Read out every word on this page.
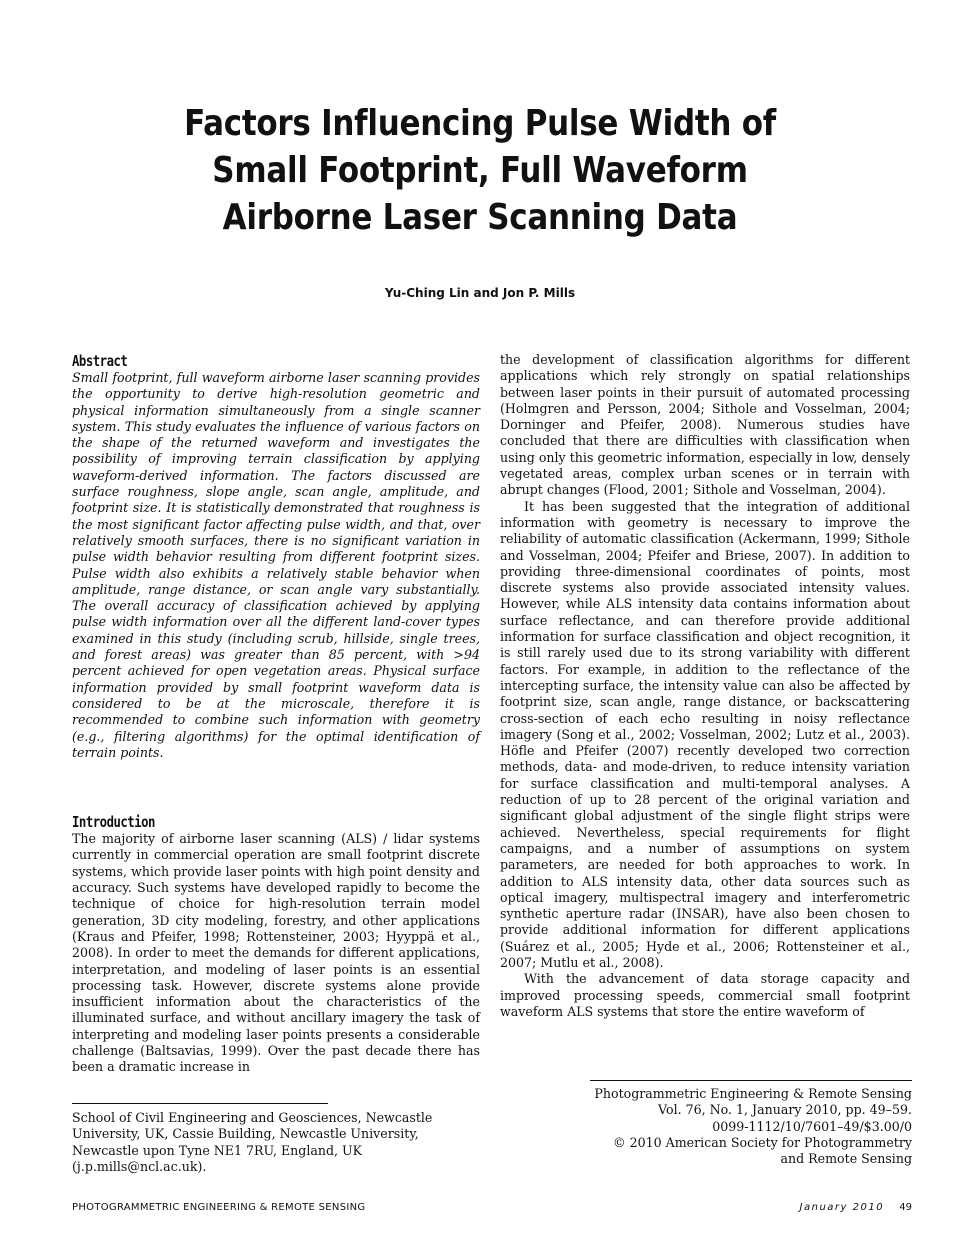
Factors Influencing Pulse Width of
Small Footprint, Full Waveform
Airborne Laser Scanning Data
Yu-Ching Lin and Jon P. Mills
Abstract

Small footprint, full waveform airborne laser scanning provides the opportunity to derive high-resolution geometric and physical information simultaneously from a single scanner system. This study evaluates the influence of various factors on the shape of the returned waveform and investigates the possibility of improving terrain classification by applying waveform-derived information. The factors discussed are surface roughness, slope angle, scan angle, amplitude, and footprint size. It is statistically demonstrated that roughness is the most significant factor affecting pulse width, and that, over relatively smooth surfaces, there is no significant variation in pulse width behavior resulting from different footprint sizes. Pulse width also exhibits a relatively stable behavior when amplitude, range distance, or scan angle vary substantially. The overall accuracy of classification achieved by applying pulse width information over all the different land-cover types examined in this study (including scrub, hillside, single trees, and forest areas) was greater than 85 percent, with >94 percent achieved for open vegetation areas. Physical surface information provided by small footprint waveform data is considered to be at the microscale, therefore it is recommended to combine such information with geometry (e.g., filtering algorithms) for the optimal identification of terrain points.

Introduction

The majority of airborne laser scanning (ALS) / lidar systems currently in commercial operation are small footprint discrete systems, which provide laser points with high point density and accuracy. Such systems have developed rapidly to become the technique of choice for high-resolution terrain model generation, 3D city modeling, forestry, and other applications (Kraus and Pfeifer, 1998; Rottensteiner, 2003; Hyyppä et al., 2008). In order to meet the demands for different applications, interpretation, and modeling of laser points is an essential processing task. However, discrete systems alone provide insufficient information about the characteristics of the illuminated surface, and without ancillary imagery the task of interpreting and modeling laser points presents a considerable challenge (Baltsavias, 1999). Over the past decade there has been a dramatic increase in

the development of classification algorithms for different applications which rely strongly on spatial relationships between laser points in their pursuit of automated processing (Holmgren and Persson, 2004; Sithole and Vosselman, 2004; Dorninger and Pfeifer, 2008). Numerous studies have concluded that there are difficulties with classification when using only this geometric information, especially in low, densely vegetated areas, complex urban scenes or in terrain with abrupt changes (Flood, 2001; Sithole and Vosselman, 2004).

It has been suggested that the integration of additional information with geometry is necessary to improve the reliability of automatic classification (Ackermann, 1999; Sithole and Vosselman, 2004; Pfeifer and Briese, 2007). In addition to providing three-dimensional coordinates of points, most discrete systems also provide associated intensity values. However, while ALS intensity data contains information about surface reflectance, and can therefore provide additional information for surface classification and object recognition, it is still rarely used due to its strong variability with different factors. For example, in addition to the reflectance of the intercepting surface, the intensity value can also be affected by footprint size, scan angle, range distance, or backscattering cross-section of each echo resulting in noisy reflectance imagery (Song et al., 2002; Vosselman, 2002; Lutz et al., 2003). Höfle and Pfeifer (2007) recently developed two correction methods, data- and mode-driven, to reduce intensity variation for surface classification and multi-temporal analyses. A reduction of up to 28 percent of the original variation and significant global adjustment of the single flight strips were achieved. Nevertheless, special requirements for flight campaigns, and a number of assumptions on system parameters, are needed for both approaches to work. In addition to ALS intensity data, other data sources such as optical imagery, multispectral imagery and interferometric synthetic aperture radar (INSAR), have also been chosen to provide additional information for different applications (Suárez et al., 2005; Hyde et al., 2006; Rottensteiner et al., 2007; Mutlu et al., 2008).

With the advancement of data storage capacity and improved processing speeds, commercial small footprint waveform ALS systems that store the entire waveform of

School of Civil Engineering and Geosciences, Newcastle University, UK, Cassie Building, Newcastle University, Newcastle upon Tyne NE1 7RU, England, UK (j.p.mills@ncl.ac.uk).
Photogrammetric Engineering & Remote Sensing
Vol. 76, No. 1, January 2010, pp. 49–59.
0099-1112/10/7601–49/$3.00/0
© 2010 American Society for Photogrammetry
and Remote Sensing
PHOTOGRAMMETRIC ENGINEERING & REMOTE SENSING	January 2010 49
